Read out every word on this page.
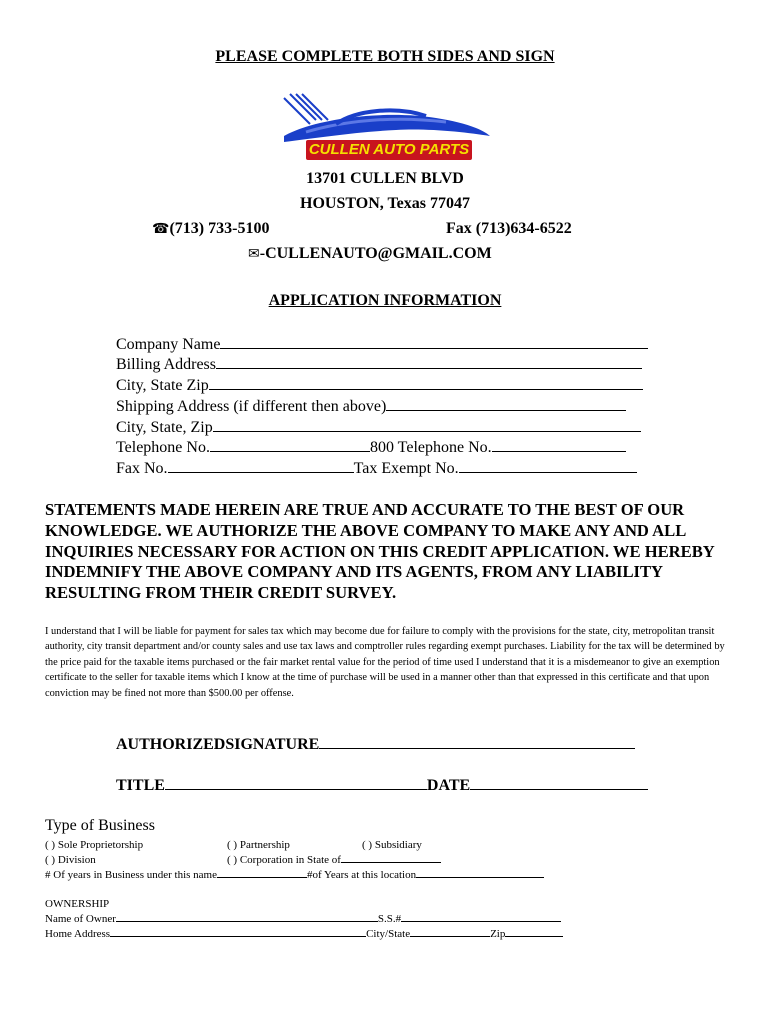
PLEASE COMPLETE BOTH SIDES AND SIGN
CULLEN AUTO PARTS
13701 CULLEN BLVD
HOUSTON, Texas 77047
☎(713) 733-5100	Fax (713)634-6522
✉-CULLENAUTO@GMAIL.COM
APPLICATION INFORMATION
Company Name
Billing Address
City, State Zip
Shipping Address (if different then above)
City, State, Zip
Telephone No.	800 Telephone No.
Fax No.	Tax Exempt No.
STATEMENTS MADE HEREIN ARE TRUE AND ACCURATE TO THE BEST OF OUR KNOWLEDGE. WE AUTHORIZE THE ABOVE COMPANY TO MAKE ANY AND ALL INQUIRIES NECESSARY FOR ACTION ON THIS CREDIT APPLICATION. WE HEREBY INDEMNIFY THE ABOVE COMPANY AND ITS AGENTS, FROM ANY LIABILITY RESULTING FROM THEIR CREDIT SURVEY.
I understand that I will be liable for payment for sales tax which may become due for failure to comply with the provisions for the state, city, metropolitan transit authority, city transit department and/or county sales and use tax laws and comptroller rules regarding exempt purchases. Liability for the tax will be determined by the price paid for the taxable items purchased or the fair market rental value for the period of time used I understand that it is a misdemeanor to give an exemption certificate to the seller for taxable items which I know at the time of purchase will be used in a manner other than that expressed in this certificate and that upon conviction may be fined not more than $500.00 per offense.
AUTHORIZEDSIGNATURE
TITLE	DATE
Type of Business
( ) Sole Proprietorship	( ) Partnership	( ) Subsidiary
( ) Division	( ) Corporation in State of
# Of years in Business under this name	#of Years at this location
OWNERSHIP
Name of Owner	S.S.#
Home Address	City/State	Zip
